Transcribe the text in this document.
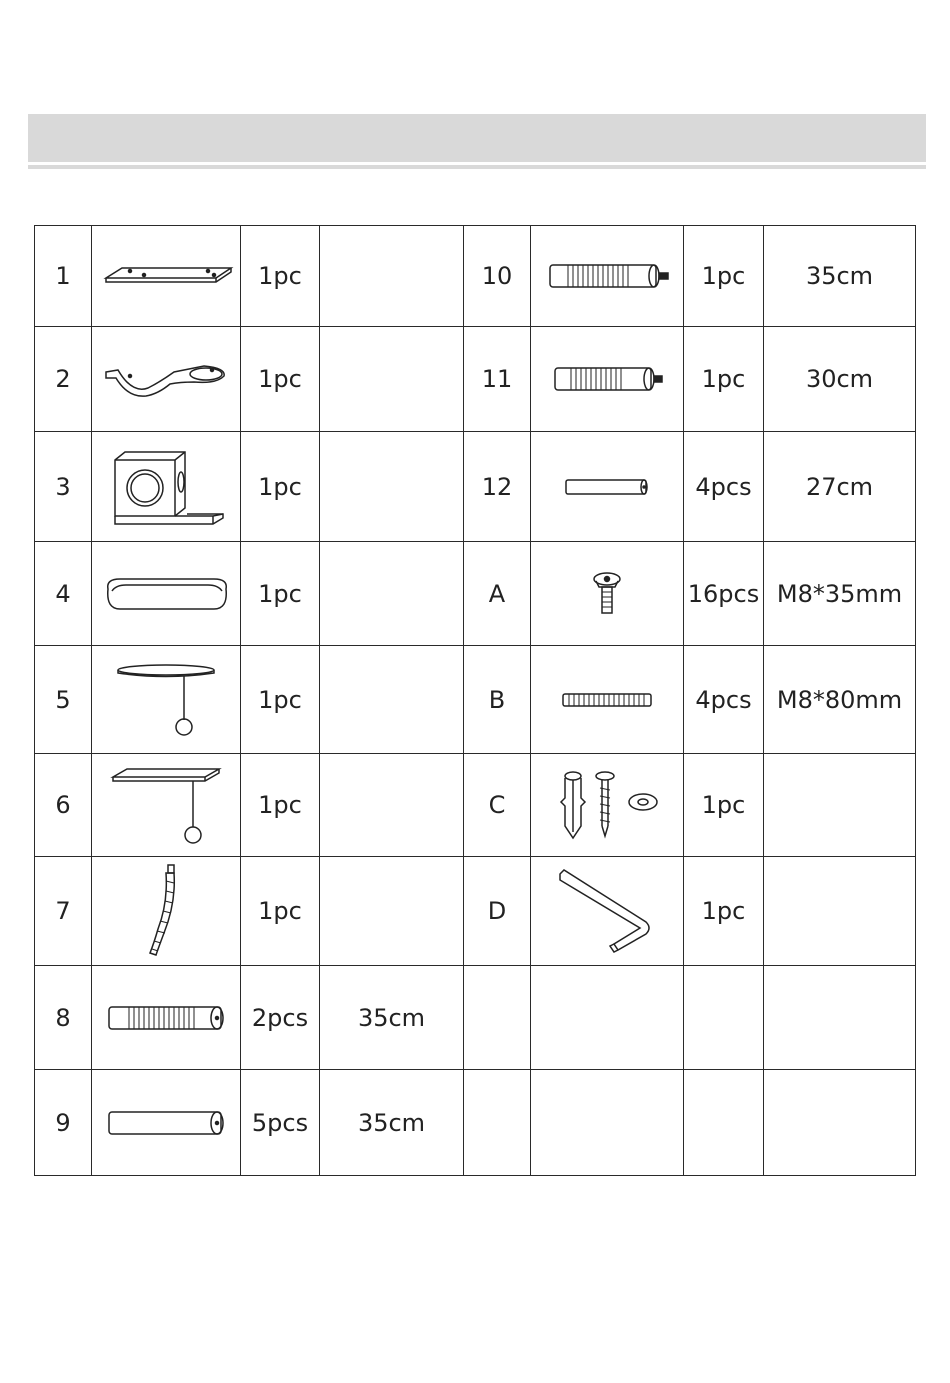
1		1pc		10		1pc	35cm
2		1pc		11		1pc	30cm
3		1pc		12		4pcs	27cm
4		1pc		A		16pcs	M8*35mm
5		1pc		B		4pcs	M8*80mm
6		1pc		C		1pc	
7		1pc		D		1pc	
8		2pcs	35cm				
9		5pcs	35cm				
